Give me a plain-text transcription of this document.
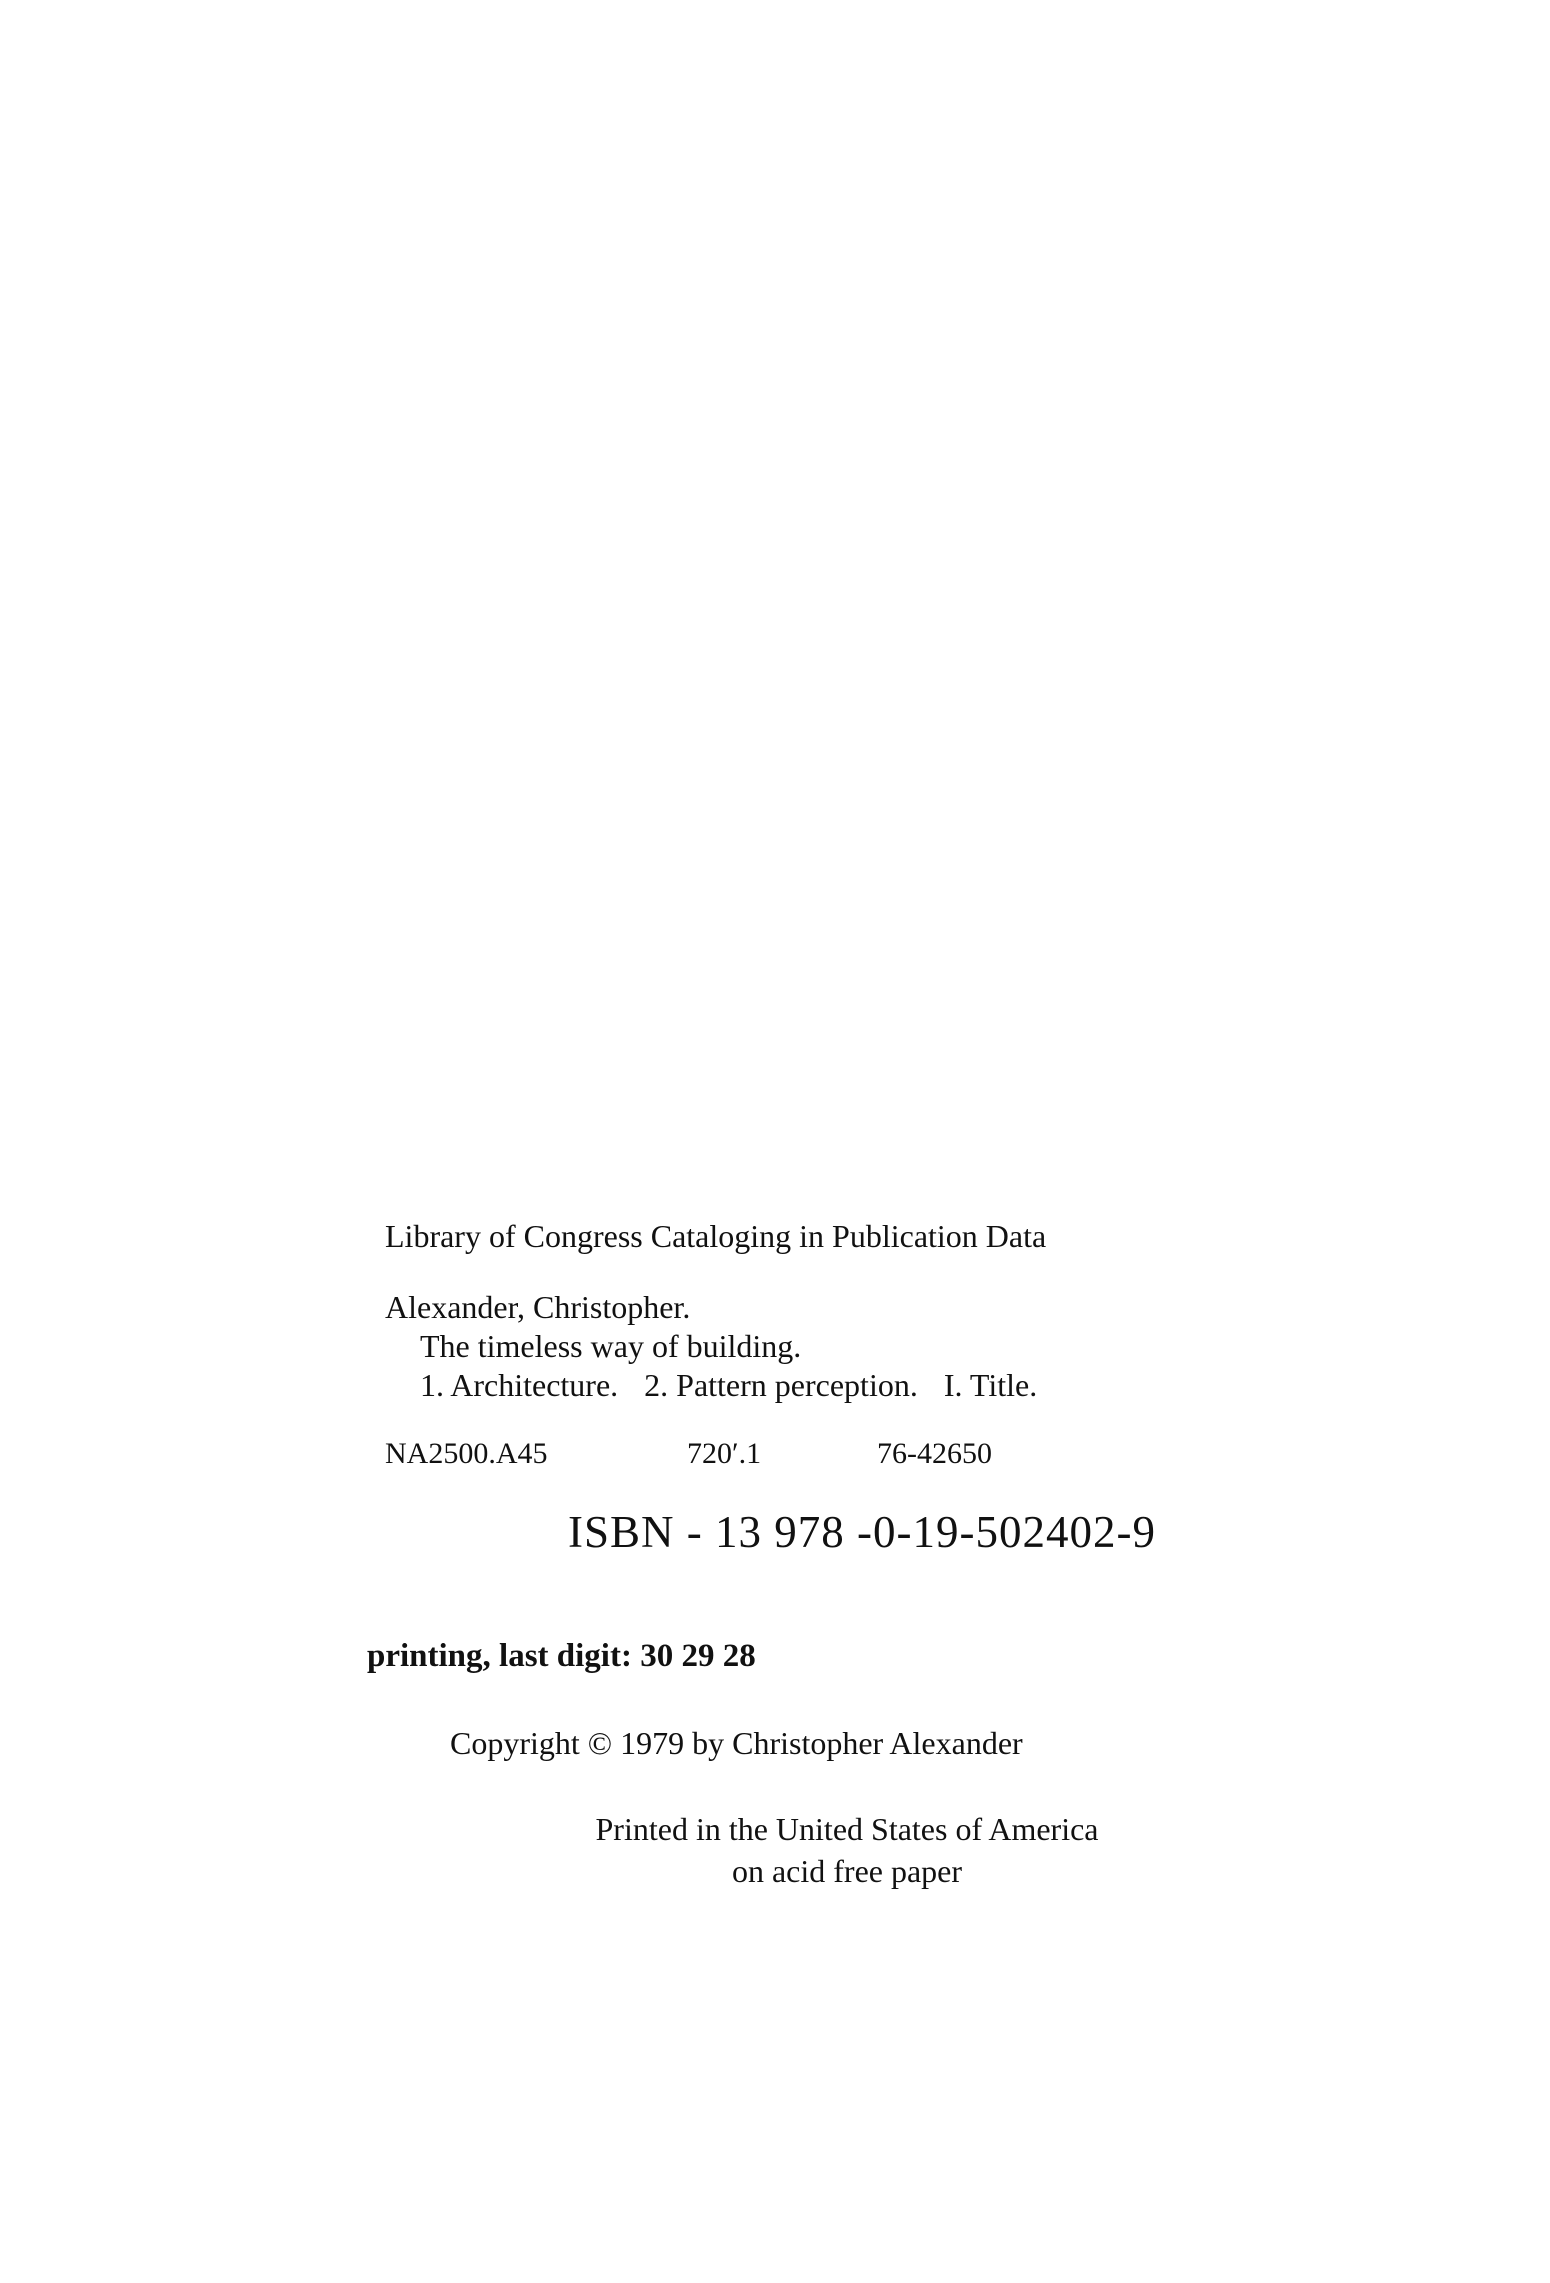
Library of Congress Cataloging in Publication Data
Alexander, Christopher.
The timeless way of building.
1. Architecture. 2. Pattern perception. I. Title.
NA2500.A45	720′.1	76-42650
ISBN - 13 978 -0-19-502402-9
printing, last digit: 30 29 28
Copyright © 1979 by Christopher Alexander
Printed in the United States of America
on acid free paper
